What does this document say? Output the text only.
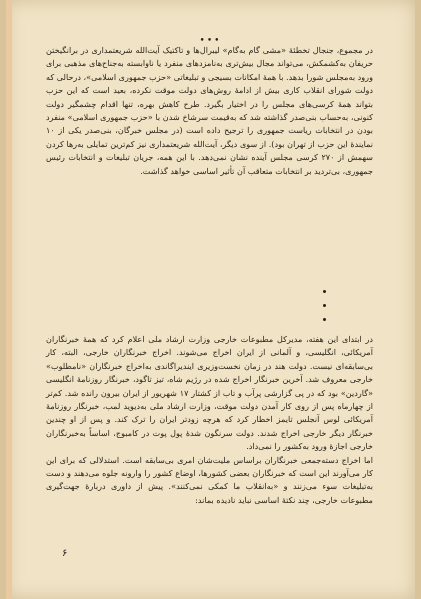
•••

در مجموع، جنجال تخطئهٔ «مشی گام به‌گام» لیبرال‌ها و تاکتیک آیت‌الله شریعتمداری در برانگیختن حریفان به‌کشمکش، می‌تواند مجال بیش‌تری به‌نامزدهای منفرد یا ناوابسته به‌جناح‌های مذهبی برای ورود به‌مجلس شورا بدهد. با همهٔ امکانات بسیجی و تبلیغاتی «حزب جمهوری اسلامی»، درحالی که دولت شورای انقلاب کاری بیش از ادامهٔ روش‌های دولت موقت نکرده، بعید است که این حزب بتواند همهٔ کرسی‌های مجلس را در اختیار بگیرد. طرح کاهش بهره، تنها اقدام چشمگیر دولت کنونی، به‌حساب بنی‌صدر گذاشته شد که به‌قیمت سرشاخ شدن با «حزب جمهوری اسلامی» منفرد بودن در انتخابات ریاست جمهوری را ترجیح داده است (در مجلس خبرگان، بنی‌صدر یکی از ۱۰ نماینده‌ٔ این حزب از تهران بود). از سوی دیگر، آیت‌الله شریعتمداری نیز کم‌ترین تمایلی به‌رها کردن سهمش از ۲۷۰ کرسی مجلس آینده نشان نمی‌دهد. با این همه، جریان تبلیغات و انتخابات رئیس جمهوری، بی‌تردید بر انتخابات متعاقب آن تأثیر اساسی خواهد گذاشت.

در ابتدای این هفته، مدیرکل مطبوعات خارجی وزارت ارشاد ملی اعلام کرد که همهٔ خبرنگاران آمریکائی، انگلیسی، و آلمانی از ایران اخراج می‌شوند. اخراج خبرنگاران خارجی، البته، کار بی‌سابقه‌ای نیست. دولت هند در زمان نخست‌وزیری ایندیراگاندی به‌اخراج خبرنگاران «نامطلوب» خارجی معروف شد. آخرین خبرنگار اخراج شده در رژیم شاه، تیز تاگود، خبرنگار روزنامهٔ انگلیسی «گاردین» بود که در پی گزارشی پرآب و تاب از کشتار ۱۷ شهریور از ایران بیرون رانده شد. کم‌تر از چهارماه پس از روی کار آمدن دولت موقت، وزارت ارشاد ملی به‌دیوید لمب، خبرنگار روزنامهٔ آمریکائی لوس آنجلس تایمز اخطار کرد که هرچه زودتر ایران را ترک کند. و پس از او چندین خبرنگار دیگر خارجی اخراج شدند. دولت سرنگون شدهٔ پول پوت در کامبوج، اساساً به‌خبرنگاران خارجی اجازهٔ ورود به‌کشور را نمی‌داد.

اما اخراج دسته‌جمعی خبرنگاران براساس ملیت‌شان امری بی‌سابقه است. استدلالی که برای این کار می‌آورند این است که خبرنگاران بعضی کشورها، اوضاع کشور را وارونه جلوه می‌دهند و دست به‌تبلیغات سوء می‌زنند و «به‌انقلاب ما کمکی نمی‌کنند». پیش از داوری دربارهٔ جهت‌گیری مطبوعات خارجی، چند نکتهٔ اساسی نباید نادیده بماند:

۶
